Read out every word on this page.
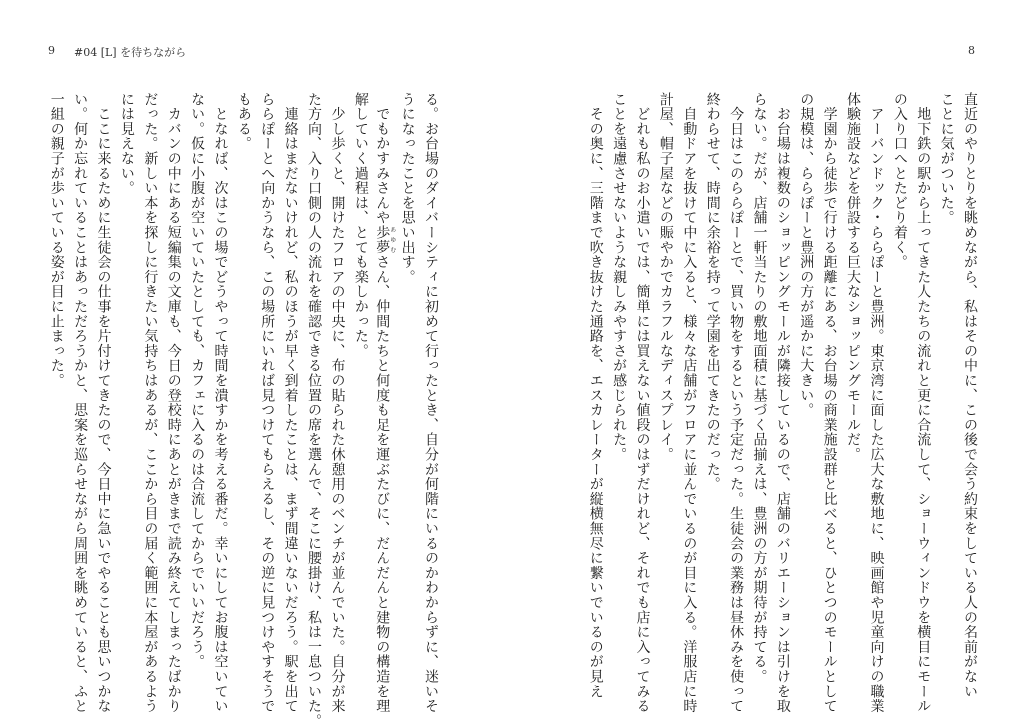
9 #04 [L] を待ちながら	8
直近のやりとりを眺めながら、私はその中に、この後で会う約束をしている人の名前がない
ことに気がついた。
　地下鉄の駅から上ってきた人たちの流れと更に合流して、ショーウィンドウを横目にモール
の入り口へとたどり着く。
　アーバンドック・ららぽーと豊洲。東京湾に面した広大な敷地に、映画館や児童向けの職業
体験施設などを併設する巨大なショッピングモールだ。
　学園から徒歩で行ける距離にある、お台場の商業施設群と比べると、ひとつのモールとして
の規模は、ららぽーと豊洲の方が遥かに大きい。
　お台場は複数のショッピングモールが隣接しているので、店舗のバリエーションは引けを取
らない。だが、店舗一軒当たりの敷地面積に基づく品揃えは、豊洲の方が期待が持てる。
　今日はこのららぽーとで、買い物をするという予定だった。生徒会の業務は昼休みを使って
終わらせて、時間に余裕を持って学園を出てきたのだった。
　自動ドアを抜けて中に入ると、様々な店舗がフロアに並んでいるのが目に入る。洋服店に時
計屋、帽子屋などの賑やかでカラフルなディスプレイ。
　どれも私のお小遣いでは、簡単には買えない値段のはずだけれど、それでも店に入ってみる
ことを遠慮させないような親しみやすさが感じられた。
　その奥に、三階まで吹き抜けた通路を、エスカレーターが縦横無尽に繋いでいるのが見え
る。お台場のダイバーシティに初めて行ったとき、自分が何階にいるのかわからずに、迷いそ
うになったことを思い出す。
　でもかすみさんや歩夢あゆむさん、仲間たちと何度も足を運ぶたびに、だんだんと建物の構造を理
解していく過程は、とても楽しかった。
　少し歩くと、開けたフロアの中央に、布の貼られた休憩用のベンチが並んでいた。自分が来
た方向、入り口側の人の流れを確認できる位置の席を選んで、そこに腰掛け、私は一息ついた。
　連絡はまだないけれど、私のほうが早く到着したことは、まず間違いないだろう。駅を出て
ららぽーとへ向かうなら、この場所にいれば見つけてもらえるし、その逆に見つけやすそうで
もある。
　となれば、次はこの場でどうやって時間を潰すかを考える番だ。幸いにしてお腹は空いてい
ない。仮に小腹が空いていたとしても、カフェに入るのは合流してからでいいだろう。
　カバンの中にある短編集の文庫も、今日の登校時にあとがきまで読み終えてしまったばかり
だった。新しい本を探しに行きたい気持ちはあるが、ここから目の届く範囲に本屋があるよう
には見えない。
　ここに来るために生徒会の仕事を片付けてきたので、今日中に急いでやることも思いつかな
い。何か忘れていることはあっただろうかと、思案を巡らせながら周囲を眺めていると、ふと
一組の親子が歩いている姿が目に止まった。
